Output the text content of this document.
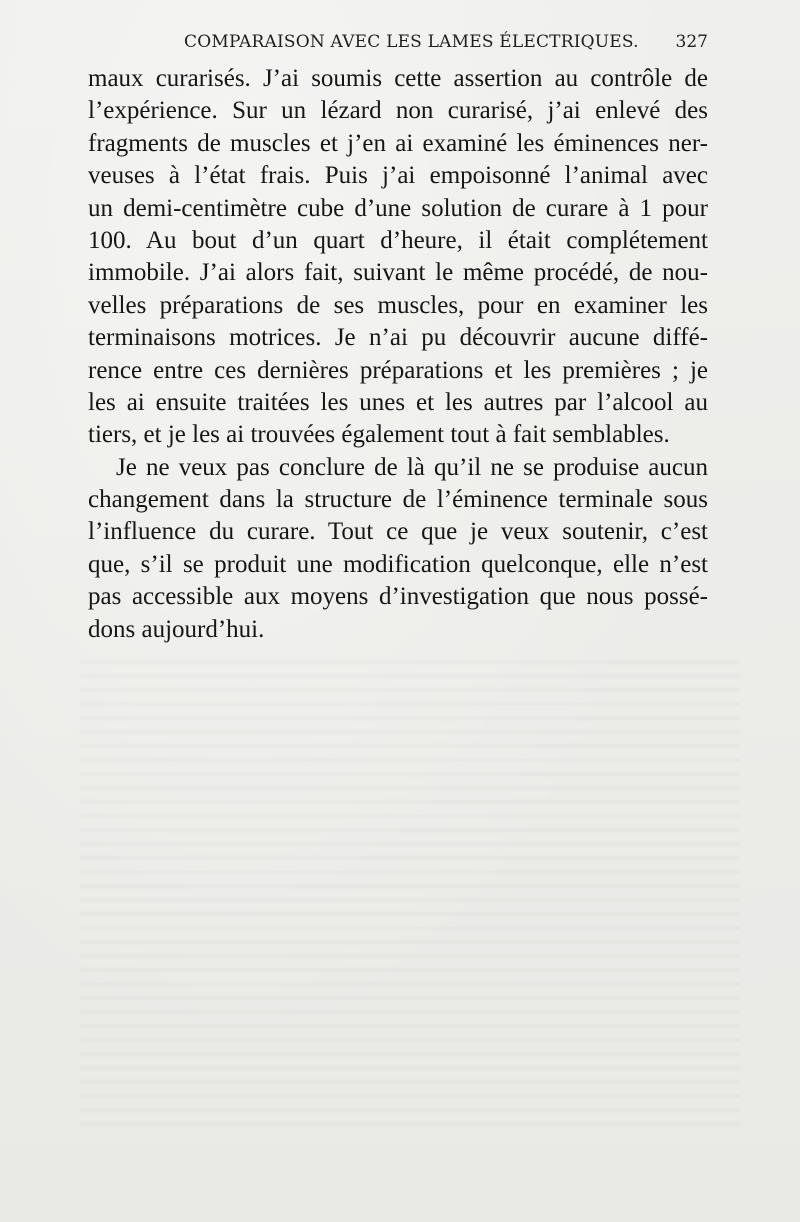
COMPARAISON AVEC LES LAMES ÉLECTRIQUES. 327
maux curarisés. J’ai soumis cette assertion au contrôle de
l’expérience. Sur un lézard non curarisé, j’ai enlevé des
fragments de muscles et j’en ai examiné les éminences ner-
veuses à l’état frais. Puis j’ai empoisonné l’animal avec
un demi-centimètre cube d’une solution de curare à 1 pour
100. Au bout d’un quart d’heure, il était complétement
immobile. J’ai alors fait, suivant le même procédé, de nou-
velles préparations de ses muscles, pour en examiner les
terminaisons motrices. Je n’ai pu découvrir aucune diffé-
rence entre ces dernières préparations et les premières ; je
les ai ensuite traitées les unes et les autres par l’alcool au
tiers, et je les ai trouvées également tout à fait semblables.
Je ne veux pas conclure de là qu’il ne se produise aucun
changement dans la structure de l’éminence terminale sous
l’influence du curare. Tout ce que je veux soutenir, c’est
que, s’il se produit une modification quelconque, elle n’est
pas accessible aux moyens d’investigation que nous possé-
dons aujourd’hui.
